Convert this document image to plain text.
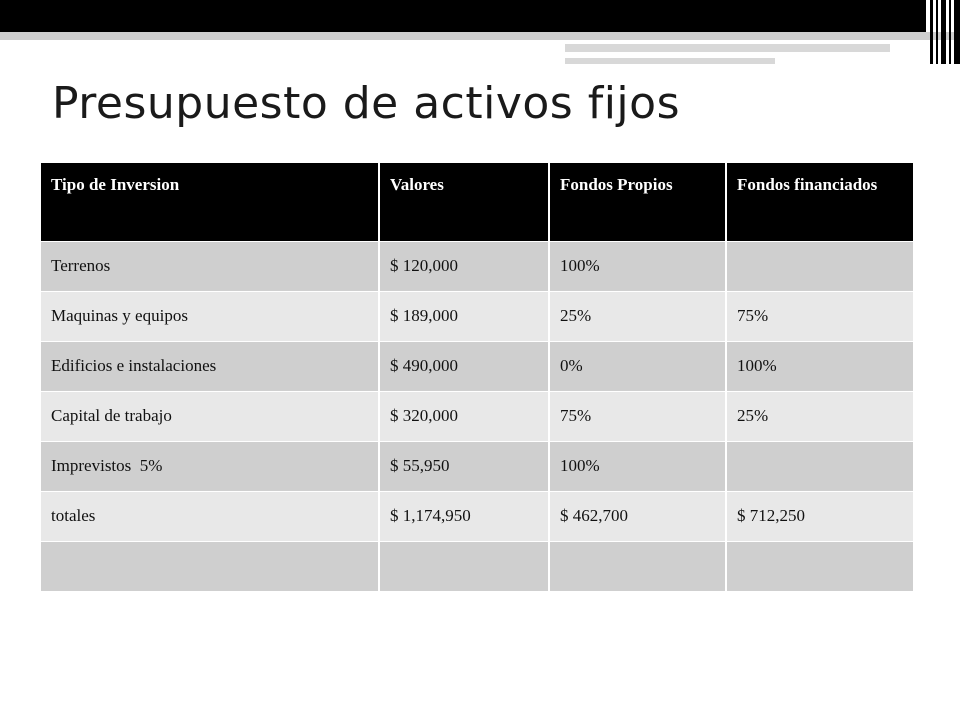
Presupuesto de activos fijos
Tipo de Inversion	Valores	Fondos Propios	Fondos financiados
Terrenos	$ 120,000	100%	
Maquinas y equipos	$ 189,000	25%	75%
Edificios e instalaciones	$ 490,000	0%	100%
Capital de trabajo	$ 320,000	75%	25%
Imprevistos  5%	$ 55,950	100%	
totales	$ 1,174,950	$ 462,700	$ 712,250
